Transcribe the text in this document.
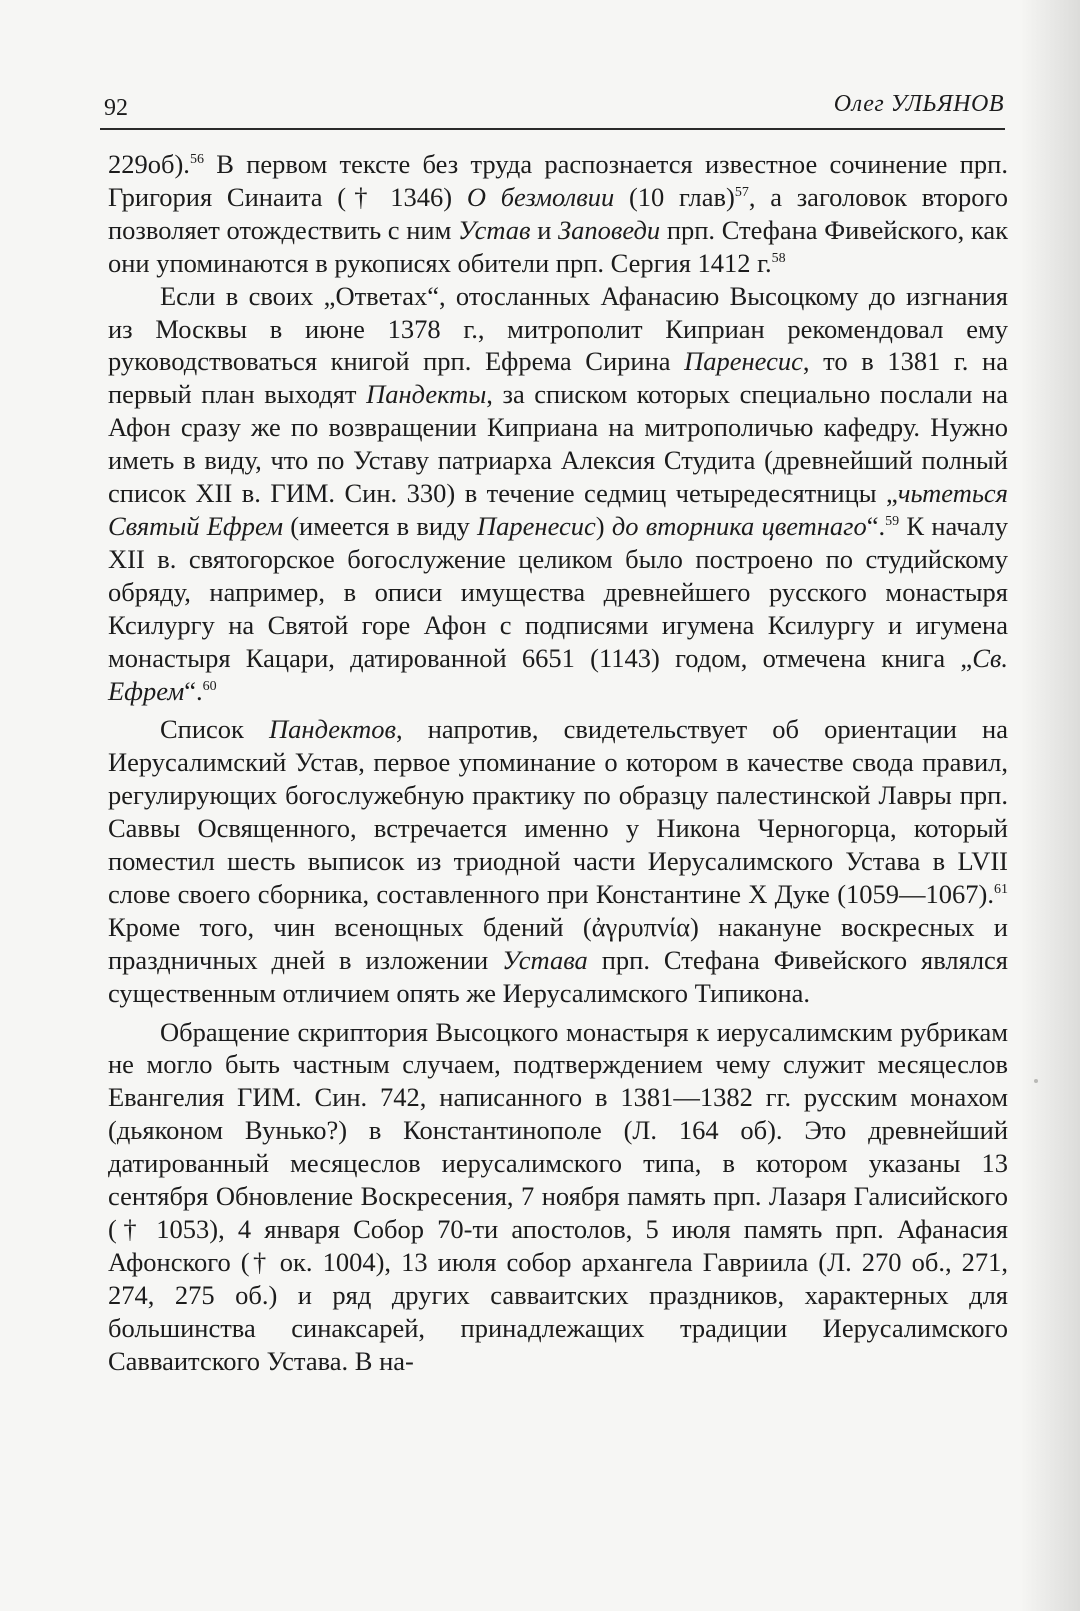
92	Олег УЛЬЯНОВ

229об).$^{56}$ В первом тексте без труда распознается известное сочинение прп. Григория Синаита († 1346) О безмолвии (10 глав)$^{57}$, а заголовок второго позволяет отождествить с ним Устав и Заповеди прп. Стефана Фивейского, как они упоминаются в рукописях обители прп. Сергия 1412 г.$^{58}$

Если в своих „Ответах“, отосланных Афанасию Высоцкому до изгнания из Москвы в июне 1378 г., митрополит Киприан рекомендовал ему руководствоваться книгой прп. Ефрема Сирина Паренесис, то в 1381 г. на первый план выходят Пандекты, за списком которых специально послали на Афон сразу же по возвращении Киприана на митрополичью кафедру. Нужно иметь в виду, что по Уставу патриарха Алексия Студита (древнейший полный список XII в. ГИМ. Син. 330) в течение седмиц четыредесятницы „чьтеться Святый Ефрем (имеется в виду Паренесис) до вторника цветнаго“.$^{59}$ К началу XII в. святогорское богослужение целиком было построено по студийскому обряду, например, в описи имущества древнейшего русского монастыря Ксилургу на Святой горе Афон с подписями игумена Ксилургу и игумена монастыря Кацари, датированной 6651 (1143) годом, отмечена книга „Св. Ефрем“.$^{60}$

Список Пандектов, напротив, свидетельствует об ориентации на Иерусалимский Устав, первое упоминание о котором в качестве свода правил, регулирующих богослужебную практику по образцу палестинской Лавры прп. Саввы Освященного, встречается именно у Никона Черногорца, который поместил шесть выписок из триодной части Иерусалимского Устава в LVII слове своего сборника, составленного при Константине X Дуке (1059—1067).$^{61}$ Кроме того, чин всенощных бдений (ἀγρυπνία) накануне воскресных и праздничных дней в изложении Устава прп. Стефана Фивейского являлся существенным отличием опять же Иерусалимского Типикона.

Обращение скриптория Высоцкого монастыря к иерусалимским рубрикам не могло быть частным случаем, подтверждением чему служит месяцеслов Евангелия ГИМ. Син. 742, написанного в 1381—1382 гг. русским монахом (дьяконом Вунько?) в Константинополе (Л. 164 об). Это древнейший датированный месяцеслов иерусалимского типа, в котором указаны 13 сентября Обновление Воскресения, 7 ноября память прп. Лазаря Галисийского († 1053), 4 января Собор 70-ти апостолов, 5 июля память прп. Афанасия Афонского († ок. 1004), 13 июля собор архангела Гавриила (Л. 270 об., 271, 274, 275 об.) и ряд других савваитских праздников, характерных для большинства синаксарей, принадлежащих традиции Иерусалимского Савваитского Устава. В на-
